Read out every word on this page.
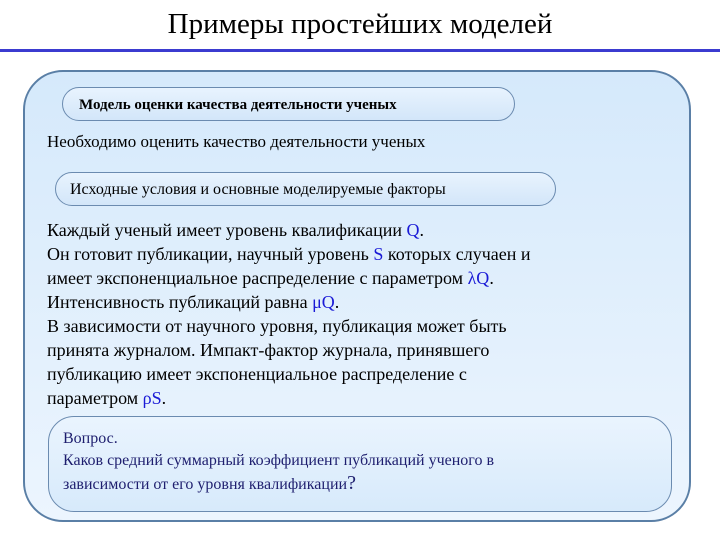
Примеры простейших моделей
Модель оценки качества деятельности ученых
Необходимо оценить качество деятельности ученых
Исходные условия и основные моделируемые факторы
Каждый ученый имеет уровень квалификации Q.
Он готовит публикации, научный уровень S которых случаен и
имеет экспоненциальное распределение с параметром λQ.
Интенсивность публикаций равна μQ.
В зависимости от научного уровня, публикация может быть
принята журналом. Импакт-фактор журнала, принявшего
публикацию имеет экспоненциальное распределение с
параметром ρS.
Вопрос.
Каков средний суммарный коэффициент публикаций ученого в
зависимости от его уровня квалификации?
